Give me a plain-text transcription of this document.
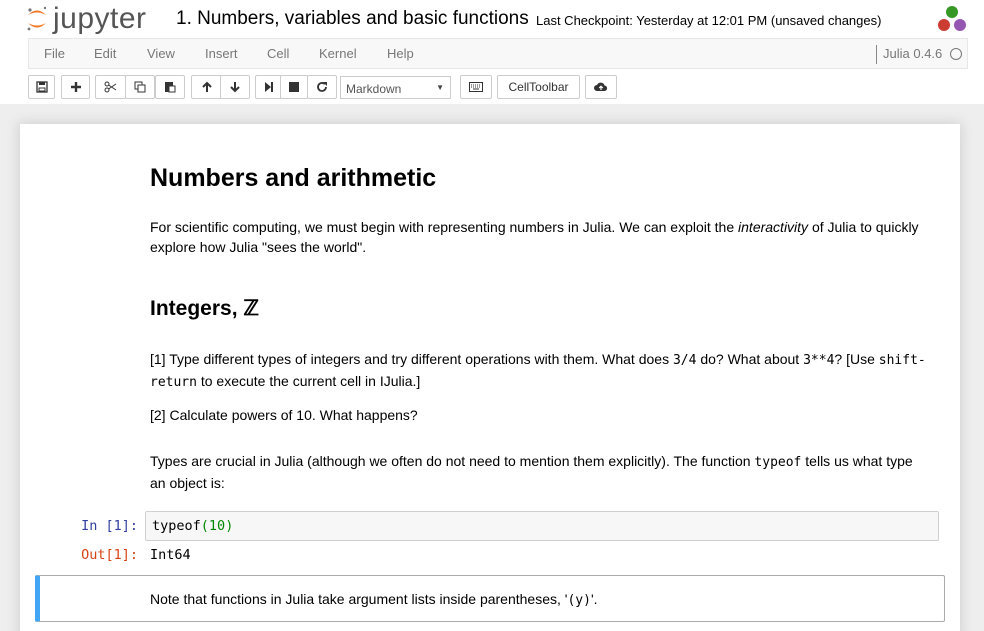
jupyter 1. Numbers, variables and basic functions Last Checkpoint: Yesterday at 12:01 PM (unsaved changes)
File Edit View Insert Cell Kernel Help	Julia 0.4.6
Markdown	▼	CellToolbar
Numbers and arithmetic
For scientific computing, we must begin with representing numbers in Julia. We can exploit the interactivity of Julia to quickly explore how Julia "sees the world".
Integers, ℤ
[1] Type different types of integers and try different operations with them. What does 3/4 do? What about 3**4? [Use shift-return to execute the current cell in IJulia.]
[2] Calculate powers of 10. What happens?
Types are crucial in Julia (although we often do not need to mention them explicitly). The function typeof tells us what type an object is:
In [1]:	typeof(10)
Out[1]: Int64
Note that functions in Julia take argument lists inside parentheses, '(y)'.
